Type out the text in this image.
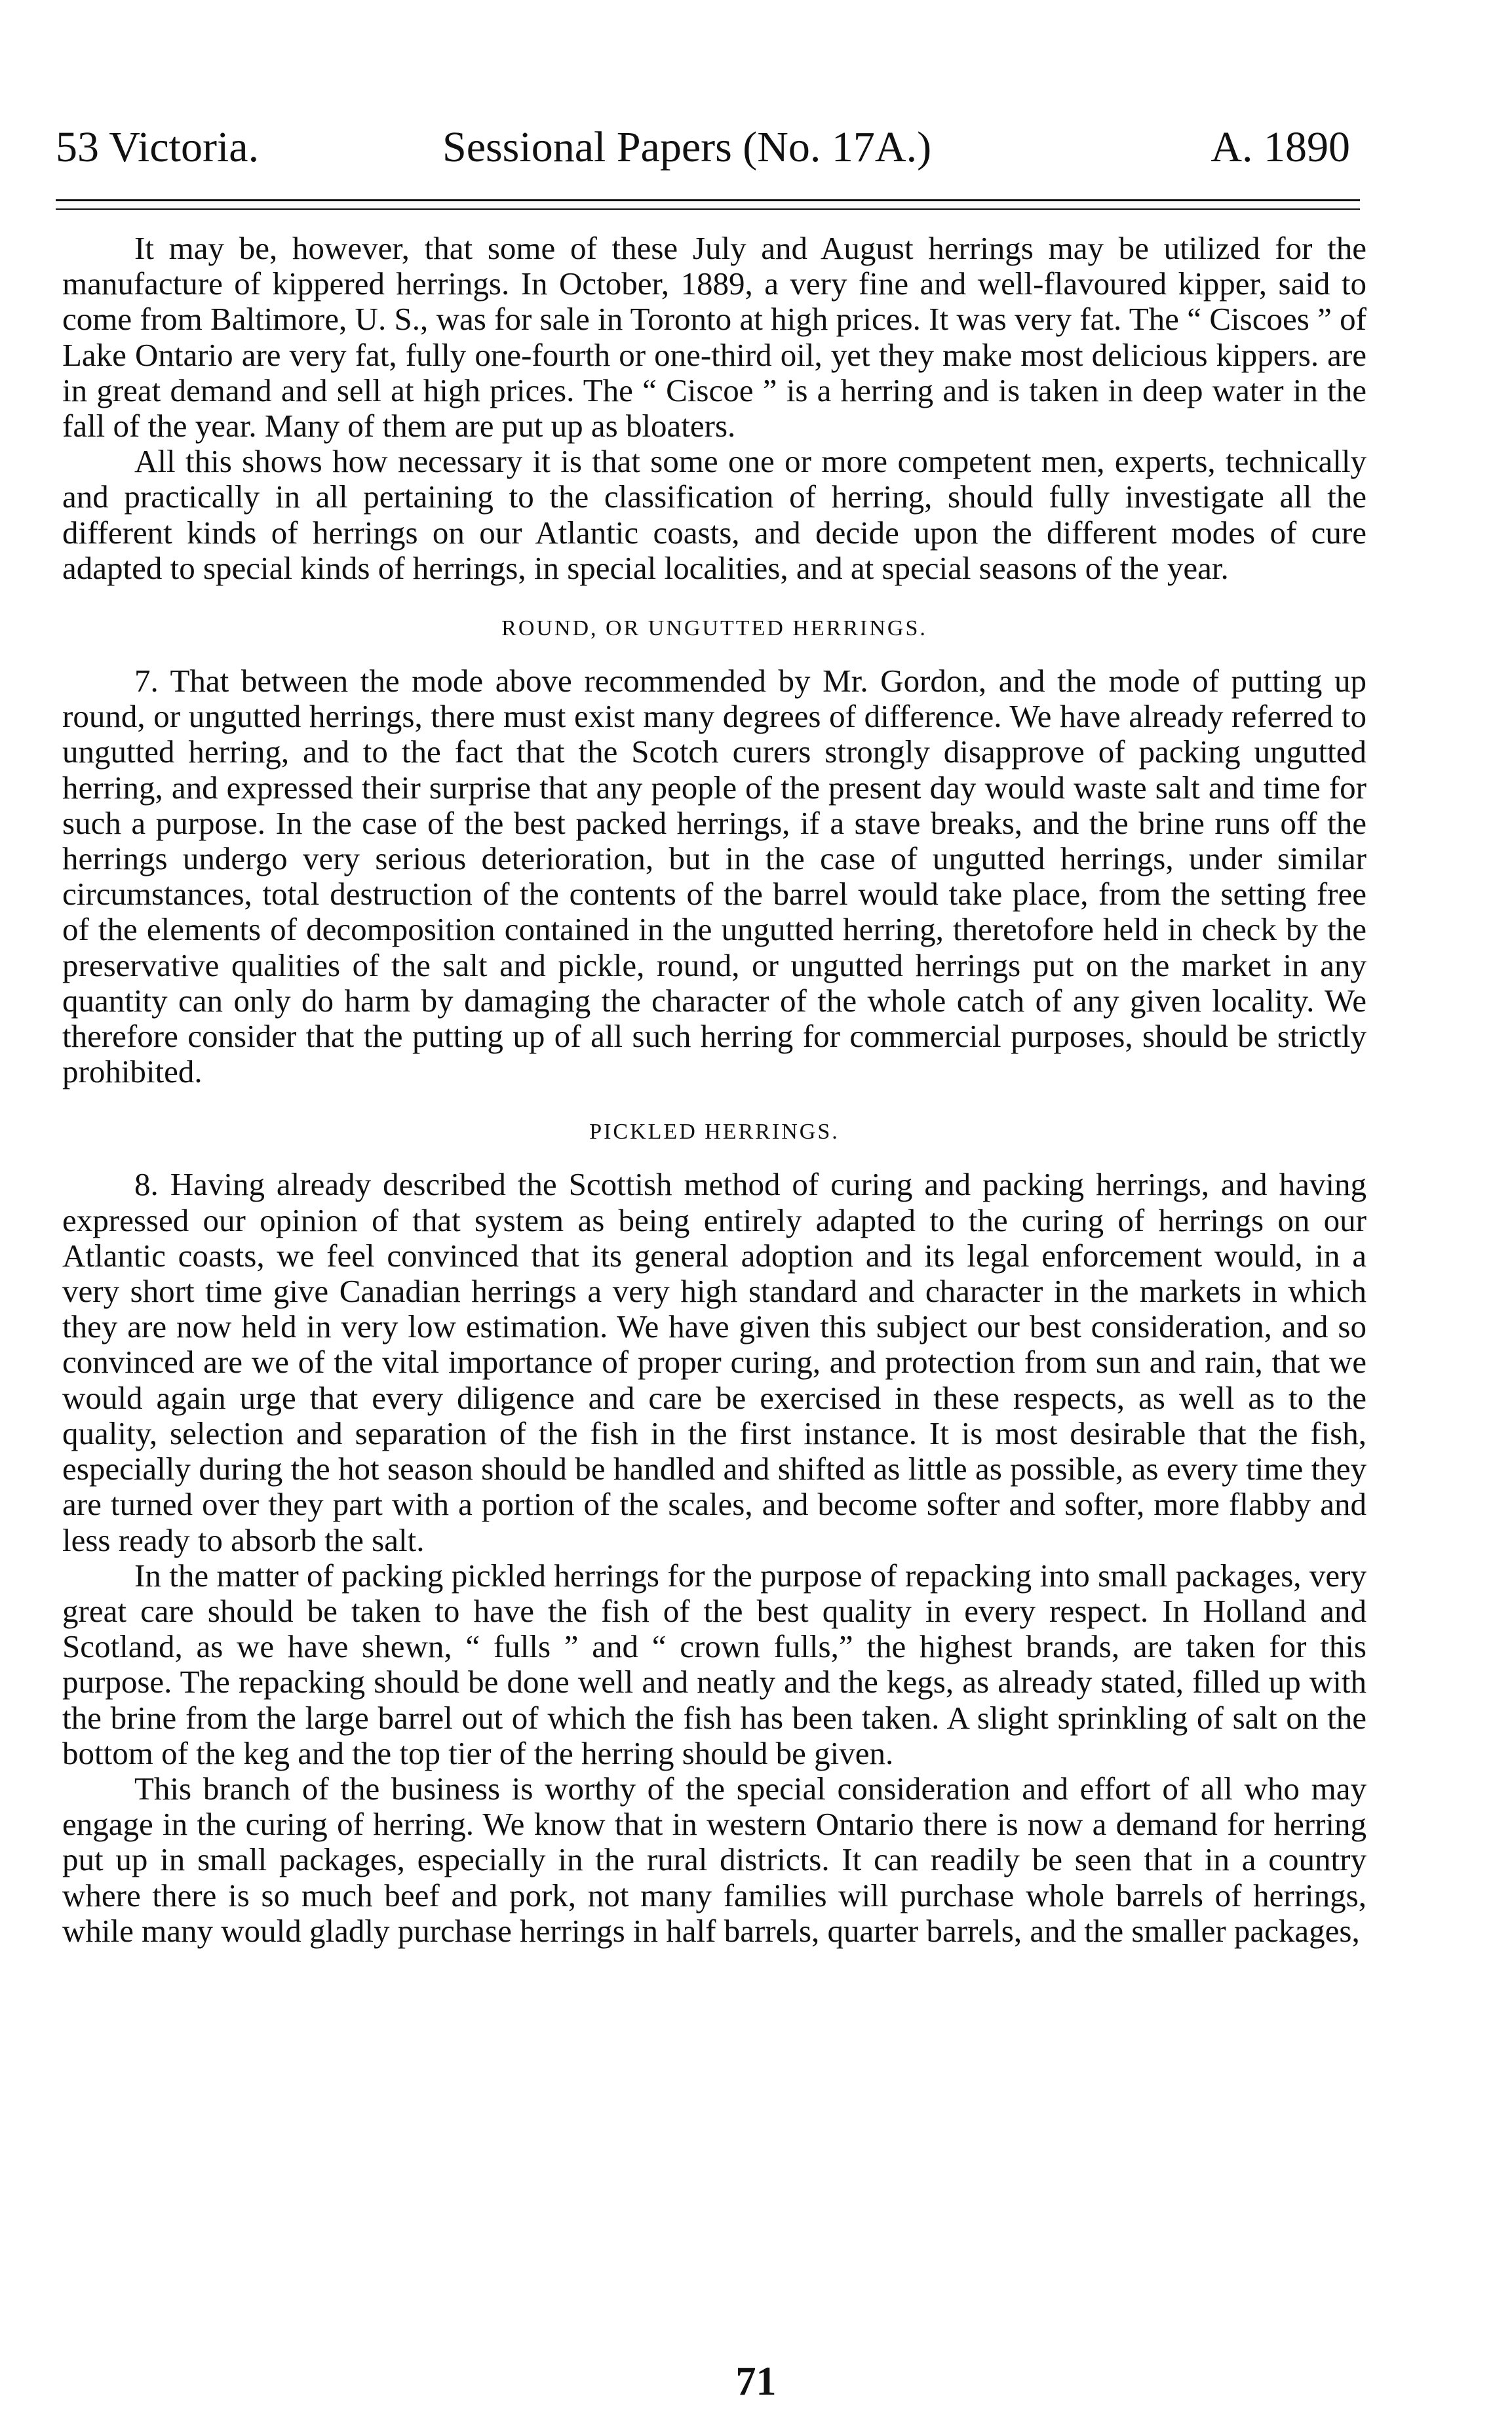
53 Victoria.	Sessional Papers (No. 17A.)	A. 1890

It may be, however, that some of these July and August herrings may be utilized for the manufacture of kippered herrings. In October, 1889, a very fine and well-flavoured kipper, said to come from Baltimore, U. S., was for sale in Toronto at high prices. It was very fat. The “ Ciscoes ” of Lake Ontario are very fat, fully one-fourth or one-third oil, yet they make most delicious kippers. are in great demand and sell at high prices. The “ Ciscoe ” is a herring and is taken in deep water in the fall of the year. Many of them are put up as bloaters.

All this shows how necessary it is that some one or more competent men, experts, technically and practically in all pertaining to the classification of herring, should fully investigate all the different kinds of herrings on our Atlantic coasts, and decide upon the different modes of cure adapted to special kinds of herrings, in special localities, and at special seasons of the year.

ROUND, OR UNGUTTED HERRINGS.

7. That between the mode above recommended by Mr. Gordon, and the mode of putting up round, or ungutted herrings, there must exist many degrees of difference. We have already referred to ungutted herring, and to the fact that the Scotch curers strongly disapprove of packing ungutted herring, and expressed their surprise that any people of the present day would waste salt and time for such a purpose. In the case of the best packed herrings, if a stave breaks, and the brine runs off the herrings undergo very serious deterioration, but in the case of ungutted herrings, under similar circumstances, total destruction of the contents of the barrel would take place, from the setting free of the elements of decomposition contained in the ungutted herring, theretofore held in check by the preservative qualities of the salt and pickle, round, or ungutted herrings put on the market in any quantity can only do harm by damaging the character of the whole catch of any given locality. We therefore consider that the putting up of all such herring for commercial purposes, should be strictly prohibited.

PICKLED HERRINGS.

8. Having already described the Scottish method of curing and packing herrings, and having expressed our opinion of that system as being entirely adapted to the curing of herrings on our Atlantic coasts, we feel convinced that its general adoption and its legal enforcement would, in a very short time give Canadian herrings a very high standard and character in the markets in which they are now held in very low estimation. We have given this subject our best consideration, and so convinced are we of the vital importance of proper curing, and protection from sun and rain, that we would again urge that every diligence and care be exercised in these respects, as well as to the quality, selection and separation of the fish in the first instance. It is most desirable that the fish, especially during the hot season should be handled and shifted as little as possible, as every time they are turned over they part with a portion of the scales, and become softer and softer, more flabby and less ready to absorb the salt.

In the matter of packing pickled herrings for the purpose of repacking into small packages, very great care should be taken to have the fish of the best quality in every respect. In Holland and Scotland, as we have shewn, “ fulls ” and “ crown fulls,” the highest brands, are taken for this purpose. The repacking should be done well and neatly and the kegs, as already stated, filled up with the brine from the large barrel out of which the fish has been taken. A slight sprinkling of salt on the bottom of the keg and the top tier of the herring should be given.

This branch of the business is worthy of the special consideration and effort of all who may engage in the curing of herring. We know that in western Ontario there is now a demand for herring put up in small packages, especially in the rural districts. It can readily be seen that in a country where there is so much beef and pork, not many families will purchase whole barrels of herrings, while many would gladly purchase herrings in half barrels, quarter barrels, and the smaller packages,

71
